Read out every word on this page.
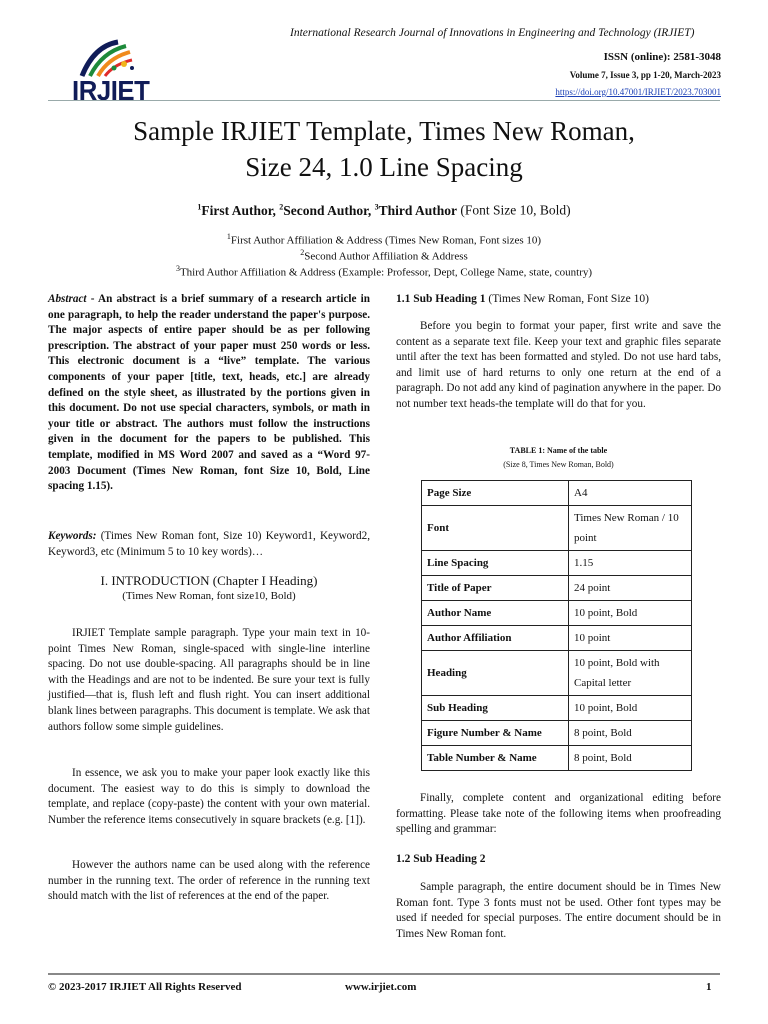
IRJIET
International Research Journal of Innovations in Engineering and Technology (IRJIET)
ISSN (online): 2581-3048
Volume 7, Issue 3, pp 1-20, March-2023
https://doi.org/10.47001/IRJIET/2023.703001
Sample IRJIET Template, Times New Roman,
Size 24, 1.0 Line Spacing
$^1$First Author, $^2$Second Author, $^3$Third Author (Font Size 10, Bold)
$^1$First Author Affiliation & Address (Times New Roman, Font sizes 10)
$^2$Second Author Affiliation & Address
$^3$Third Author Affiliation & Address (Example: Professor, Dept, College Name, state, country)
Abstract - An abstract is a brief summary of a research article in one paragraph, to help the reader understand the paper's purpose. The major aspects of entire paper should be as per following prescription. The abstract of your paper must 250 words or less. This electronic document is a “live” template. The various components of your paper [title, text, heads, etc.] are already defined on the style sheet, as illustrated by the portions given in this document. Do not use special characters, symbols, or math in your title or abstract. The authors must follow the instructions given in the document for the papers to be published. This template, modified in MS Word 2007 and saved as a “Word 97-2003 Document (Times New Roman, font Size 10, Bold, Line spacing 1.15).
Keywords: (Times New Roman font, Size 10) Keyword1, Keyword2, Keyword3, etc (Minimum 5 to 10 key words)…
I. INTRODUCTION (Chapter I Heading)
(Times New Roman, font size10, Bold)
IRJIET Template sample paragraph. Type your main text in 10-point Times New Roman, single-spaced with single-line interline spacing. Do not use double-spacing. All paragraphs should be in line with the Headings and are not to be indented. Be sure your text is fully justified—that is, flush left and flush right. You can insert additional blank lines between paragraphs. This document is template. We ask that authors follow some simple guidelines.
In essence, we ask you to make your paper look exactly like this document. The easiest way to do this is simply to download the template, and replace (copy-paste) the content with your own material. Number the reference items consecutively in square brackets (e.g. [1]).
However the authors name can be used along with the reference number in the running text. The order of reference in the running text should match with the list of references at the end of the paper.
1.1 Sub Heading 1 (Times New Roman, Font Size 10)
Before you begin to format your paper, first write and save the content as a separate text file. Keep your text and graphic files separate until after the text has been formatted and styled. Do not use hard tabs, and limit use of hard returns to only one return at the end of a paragraph. Do not add any kind of pagination anywhere in the paper. Do not number text heads-the template will do that for you.
TABLE 1: Name of the table
(Size 8, Times New Roman, Bold)
Page Size	A4
Font	Times New Roman / 10 point
Line Spacing	1.15
Title of Paper	24 point
Author Name	10 point, Bold
Author Affiliation	10 point
Heading	10 point, Bold with Capital letter
Sub Heading	10 point, Bold
Figure Number & Name	8 point, Bold
Table Number & Name	8 point, Bold
Finally, complete content and organizational editing before formatting. Please take note of the following items when proofreading spelling and grammar:
1.2 Sub Heading 2
Sample paragraph, the entire document should be in Times New Roman font. Type 3 fonts must not be used. Other font types may be used if needed for special purposes. The entire document should be in Times New Roman font.
© 2023-2017 IRJIET All Rights Reserved	www.irjiet.com	1
